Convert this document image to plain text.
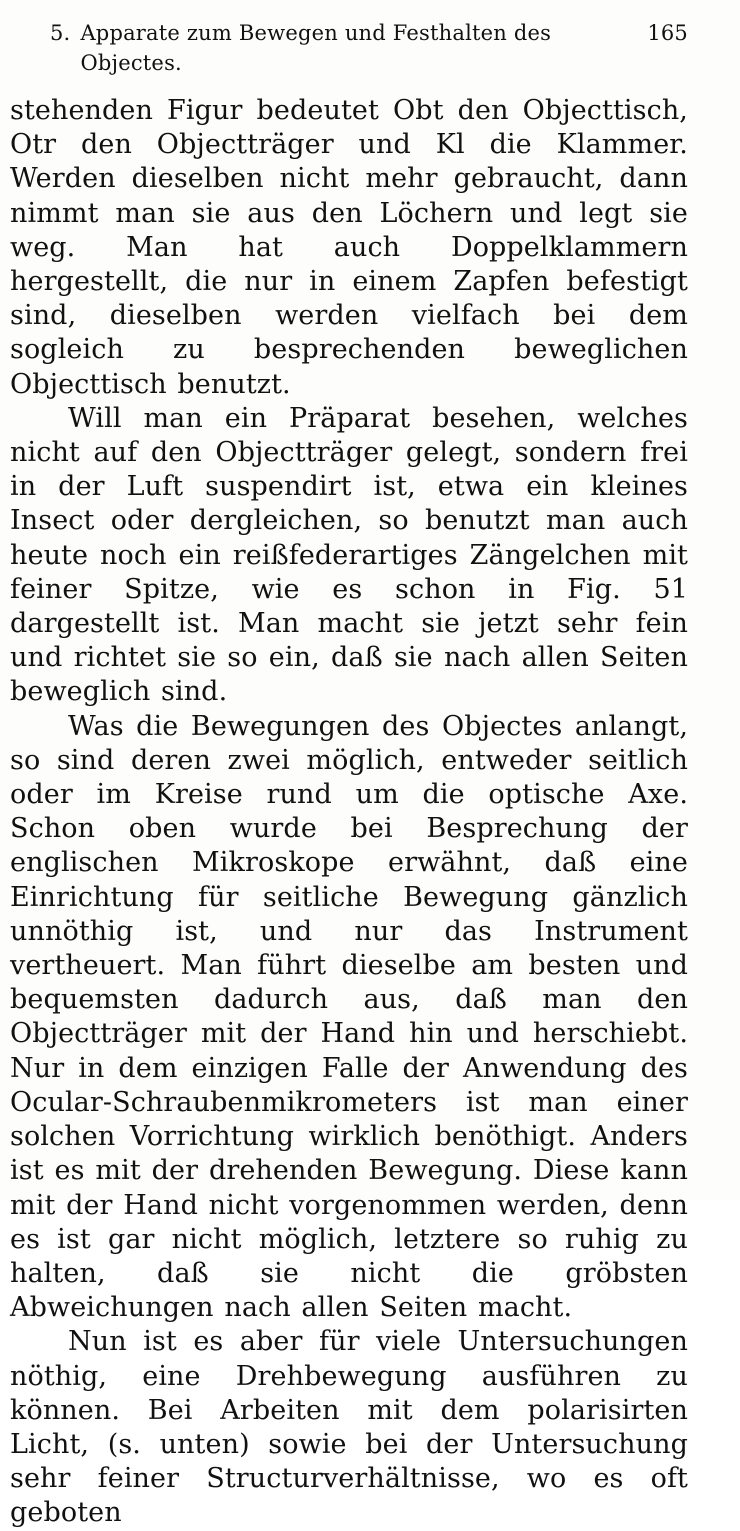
5. Apparate zum Bewegen und Festhalten des Objectes.
165

stehenden Figur bedeutet Obt den Objecttisch, Otr den Objectträger und Kl die Klammer. Werden dieselben nicht mehr gebraucht, dann nimmt man sie aus den Löchern und legt sie weg. Man hat auch Doppelklammern hergestellt, die nur in einem Zapfen befestigt sind, dieselben werden vielfach bei dem sogleich zu besprechenden beweglichen Objecttisch benutzt.

Will man ein Präparat besehen, welches nicht auf den Objectträger gelegt, sondern frei in der Luft suspendirt ist, etwa ein kleines Insect oder dergleichen, so benutzt man auch heute noch ein reißfederartiges Zängelchen mit feiner Spitze, wie es schon in Fig. 51 dargestellt ist. Man macht sie jetzt sehr fein und richtet sie so ein, daß sie nach allen Seiten beweglich sind.

Was die Bewegungen des Objectes anlangt, so sind deren zwei möglich, entweder seitlich oder im Kreise rund um die optische Axe. Schon oben wurde bei Besprechung der englischen Mikroskope erwähnt, daß eine Einrichtung für seitliche Bewegung gänzlich unnöthig ist, und nur das Instrument vertheuert. Man führt dieselbe am besten und bequemsten dadurch aus, daß man den Objectträger mit der Hand hin und herschiebt. Nur in dem einzigen Falle der Anwendung des Ocular-Schraubenmikrometers ist man einer solchen Vorrichtung wirklich benöthigt. Anders ist es mit der drehenden Bewegung. Diese kann mit der Hand nicht vorgenommen werden, denn es ist gar nicht möglich, letztere so ruhig zu halten, daß sie nicht die gröbsten Abweichungen nach allen Seiten macht.

Nun ist es aber für viele Untersuchungen nöthig, eine Drehbewegung ausführen zu können. Bei Arbeiten mit dem polarisirten Licht, (s. unten) sowie bei der Untersuchung sehr feiner Structurverhältnisse, wo es oft geboten
